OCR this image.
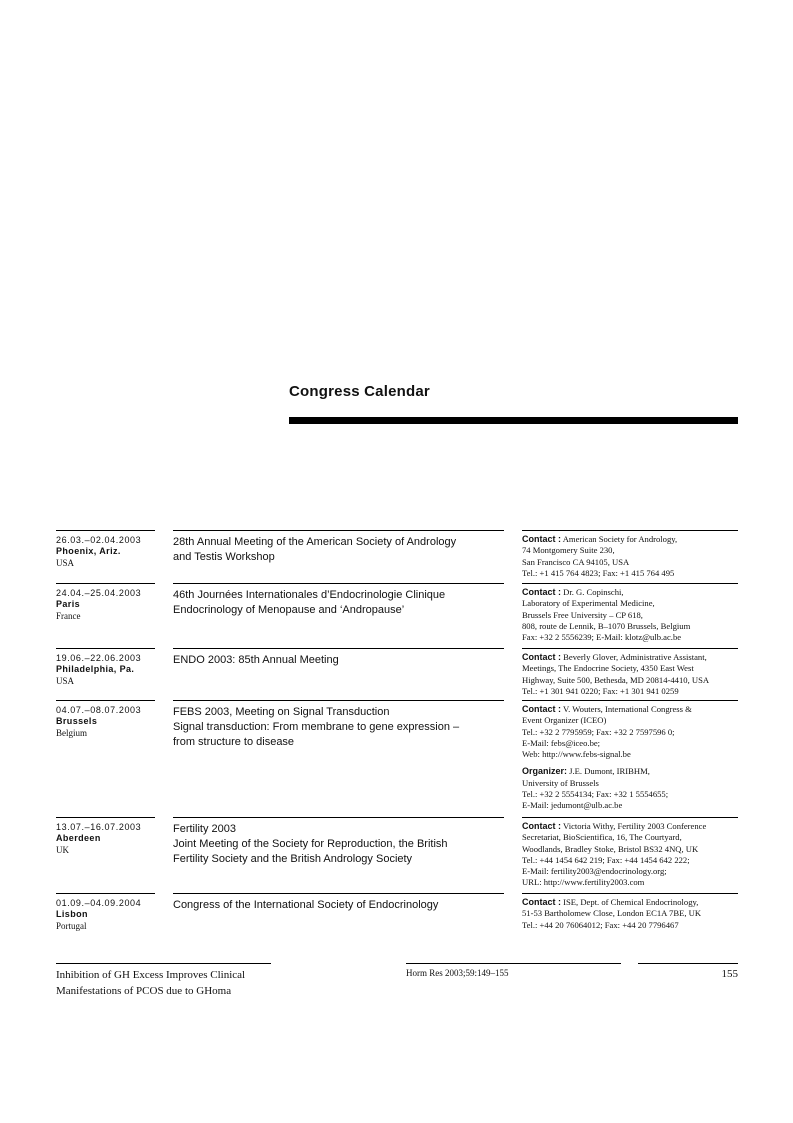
Congress Calendar
26.03.–02.04.2003
Phoenix, Ariz.
USA
28th Annual Meeting of the American Society of Andrology
and Testis Workshop
Contact : American Society for Andrology,
74 Montgomery Suite 230,
San Francisco CA 94105, USA
Tel.: +1 415 764 4823; Fax: +1 415 764 495
24.04.–25.04.2003
Paris
France
46th Journées Internationales d’Endocrinologie Clinique
Endocrinology of Menopause and ‘Andropause’
Contact : Dr. G. Copinschi,
Laboratory of Experimental Medicine,
Brussels Free University – CP 618,
808, route de Lennik, B–1070 Brussels, Belgium
Fax: +32 2 5556239; E-Mail: klotz@ulb.ac.be
19.06.–22.06.2003
Philadelphia, Pa.
USA
ENDO 2003: 85th Annual Meeting	Contact : Beverly Glover, Administrative Assistant,
Meetings, The Endocrine Society, 4350 East West
Highway, Suite 500, Bethesda, MD 20814-4410, USA
Tel.: +1 301 941 0220; Fax: +1 301 941 0259
04.07.–08.07.2003
Brussels
Belgium
FEBS 2003, Meeting on Signal Transduction
Signal transduction: From membrane to gene expression –
from structure to disease
Contact : V. Wouters, International Congress &
Event Organizer (ICEO)
Tel.: +32 2 7795959; Fax: +32 2 7597596 0;
E-Mail: febs@iceo.be;
Web: http://www.febs-signal.be
Organizer: J.E. Dumont, IRIBHM,
University of Brussels
Tel.: +32 2 5554134; Fax: +32 1 5554655;
E-Mail: jedumont@ulb.ac.be
13.07.–16.07.2003
Aberdeen
UK
Fertility 2003
Joint Meeting of the Society for Reproduction, the British
Fertility Society and the British Andrology Society
Contact : Victoria Withy, Fertility 2003 Conference
Secretariat, BioScientifica, 16, The Courtyard,
Woodlands, Bradley Stoke, Bristol BS32 4NQ, UK
Tel.: +44 1454 642 219; Fax: +44 1454 642 222;
E-Mail: fertility2003@endocrinology.org;
URL: http://www.fertility2003.com
01.09.–04.09.2004
Lisbon
Portugal
Congress of the International Society of Endocrinology	Contact : ISE, Dept. of Chemical Endocrinology,
51-53 Bartholomew Close, London EC1A 7BE, UK
Tel.: +44 20 76064012; Fax: +44 20 7796467
Inhibition of GH Excess Improves Clinical
Manifestations of PCOS due to GHoma
Horm Res 2003;59:149–155	155
